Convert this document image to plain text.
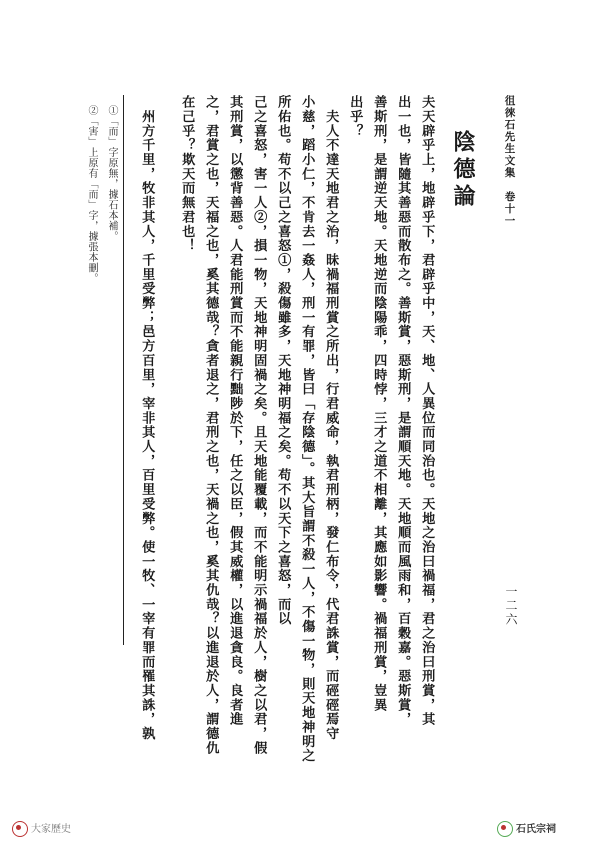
徂徠石先生文集　卷十一
一二六
陰德論
夫天辟乎上，地辟乎下，君辟乎中，天、地、人異位而同治也。天地之治曰禍福，君之治曰刑賞，其
出一也，皆隨其善惡而散布之。善斯賞，惡斯刑，是謂順天地。天地順而風雨和，百穀嘉。惡斯賞，
善斯刑，是謂逆天地。天地逆而陰陽乖，四時悖，三才之道不相離，其應如影響。禍福刑賞，豈異
出乎？
　夫人不達天地君之治，昧禍福刑賞之所出，行君威命，執君刑柄，發仁布令，代君誅賞，而硜硜焉守
小慈，蹈小仁，不肯去一姦人，刑一有罪，皆曰「存陰德」。其大旨謂不殺一人，不傷一物，則天地神明之
所佑也。苟不以己之喜怒①，殺傷雖多，天地神明福之矣。苟不以天下之喜怒，而以
己之喜怒，害一人②，損一物，天地神明固禍之矣。且天地能覆載，而不能明示禍福於人，樹之以君，假
其刑賞，以懲背善惡。人君能刑賞而不能親行黜陟於下，任之以臣，假其威權，以進退貪良。良者進
之，君賞之也，天福之也，奚其德哉？貪者退之，君刑之也，天禍之也，奚其仇哉？以進退於人，謂德仇
在己乎？欺天而無君也！
　州方千里，牧非其人，千里受弊；邑方百里，宰非其人，百里受弊。使一牧、一宰有罪而罹其誅，孰
①「而」字原無，據石本補。
②「害」上原有「而」字，據張本刪。
大家歷史	石氏宗祠
